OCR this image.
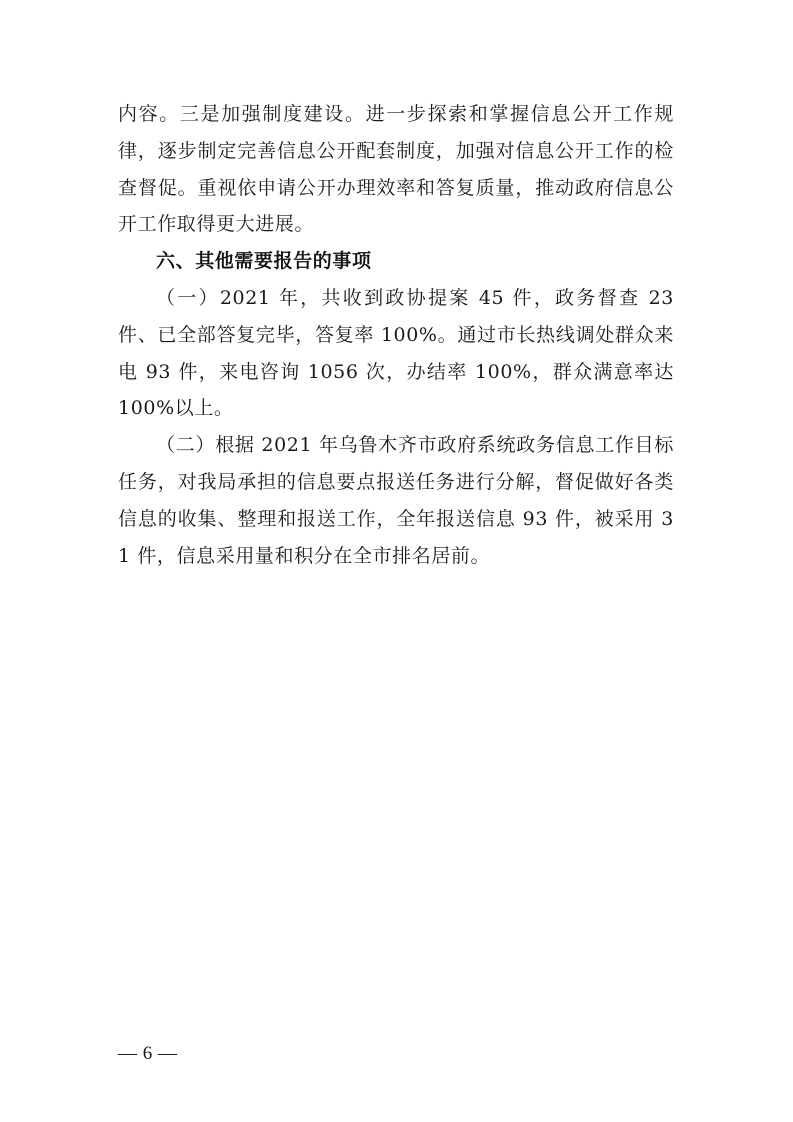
内容。三是加强制度建设。进一步探索和掌握信息公开工作规律，逐步制定完善信息公开配套制度，加强对信息公开工作的检查督促。重视依申请公开办理效率和答复质量，推动政府信息公开工作取得更大进展。

六、其他需要报告的事项

（一）2021 年，共收到政协提案 45 件，政务督查 23 件、已全部答复完毕，答复率 100%。通过市长热线调处群众来电 93 件，来电咨询 1056 次，办结率 100%，群众满意率达 100%以上。

（二）根据 2021 年乌鲁木齐市政府系统政务信息工作目标任务，对我局承担的信息要点报送任务进行分解，督促做好各类信息的收集、整理和报送工作，全年报送信息 93 件，被采用 31 件，信息采用量和积分在全市排名居前。

— 6 —
